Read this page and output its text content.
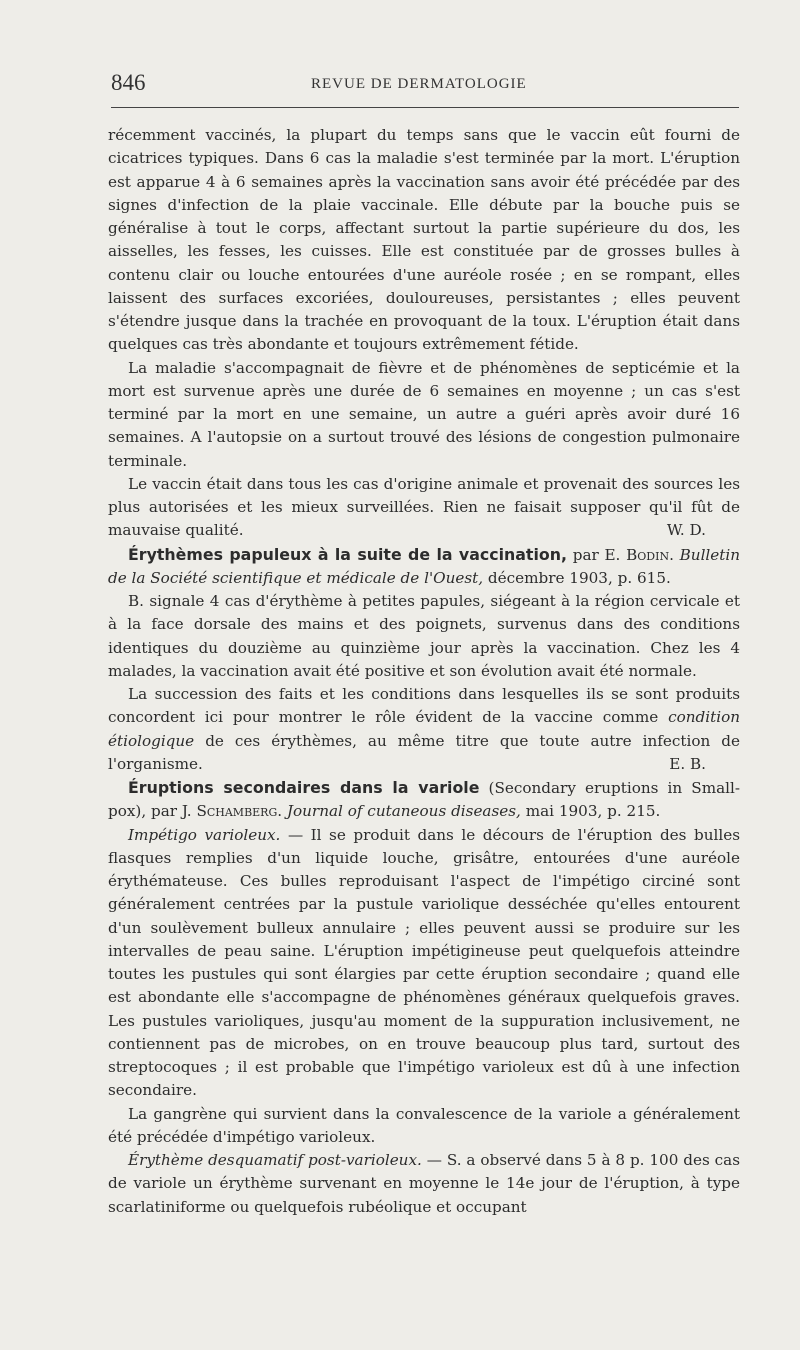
846	REVUE DE DERMATOLOGIE

récemment vaccinés, la plupart du temps sans que le vaccin eût fourni de cicatrices typiques. Dans 6 cas la maladie s'est terminée par la mort. L'éruption est apparue 4 à 6 semaines après la vaccination sans avoir été précédée par des signes d'infection de la plaie vaccinale. Elle débute par la bouche puis se généralise à tout le corps, affectant surtout la partie supérieure du dos, les aisselles, les fesses, les cuisses. Elle est constituée par de grosses bulles à contenu clair ou louche entourées d'une auréole rosée ; en se rompant, elles laissent des surfaces excoriées, douloureuses, persistantes ; elles peuvent s'étendre jusque dans la trachée en provoquant de la toux. L'éruption était dans quelques cas très abondante et toujours extrêmement fétide.

La maladie s'accompagnait de fièvre et de phénomènes de septicémie et la mort est survenue après une durée de 6 semaines en moyenne ; un cas s'est terminé par la mort en une semaine, un autre a guéri après avoir duré 16 semaines. A l'autopsie on a surtout trouvé des lésions de congestion pulmonaire terminale.

Le vaccin était dans tous les cas d'origine animale et provenait des sources les plus autorisées et les mieux surveillées. Rien ne faisait supposer qu'il fût de mauvaise qualité.	W. D.

Érythèmes papuleux à la suite de la vaccination, par E. Bodin. Bulletin de la Société scientifique et médicale de l'Ouest, décembre 1903, p. 615.

B. signale 4 cas d'érythème à petites papules, siégeant à la région cervicale et à la face dorsale des mains et des poignets, survenus dans des conditions identiques du douzième au quinzième jour après la vaccination. Chez les 4 malades, la vaccination avait été positive et son évolution avait été normale.

La succession des faits et les conditions dans lesquelles ils se sont produits concordent ici pour montrer le rôle évident de la vaccine comme condition étiologique de ces érythèmes, au même titre que toute autre infection de l'organisme.	E. B.

Éruptions secondaires dans la variole (Secondary eruptions in Small-pox), par J. Schamberg. Journal of cutaneous diseases, mai 1903, p. 215.

Impétigo varioleux. — Il se produit dans le décours de l'éruption des bulles flasques remplies d'un liquide louche, grisâtre, entourées d'une auréole érythémateuse. Ces bulles reproduisant l'aspect de l'impétigo circiné sont généralement centrées par la pustule variolique desséchée qu'elles entourent d'un soulèvement bulleux annulaire ; elles peuvent aussi se produire sur les intervalles de peau saine. L'éruption impétigineuse peut quelquefois atteindre toutes les pustules qui sont élargies par cette éruption secondaire ; quand elle est abondante elle s'accompagne de phénomènes généraux quelquefois graves. Les pustules varioliques, jusqu'au moment de la suppuration inclusivement, ne contiennent pas de microbes, on en trouve beaucoup plus tard, surtout des streptocoques ; il est probable que l'impétigo varioleux est dû à une infection secondaire.

La gangrène qui survient dans la convalescence de la variole a généralement été précédée d'impétigo varioleux.

Érythème desquamatif post-varioleux. — S. a observé dans 5 à 8 p. 100 des cas de variole un érythème survenant en moyenne le 14e jour de l'éruption, à type scarlatiniforme ou quelquefois rubéolique et occupant
